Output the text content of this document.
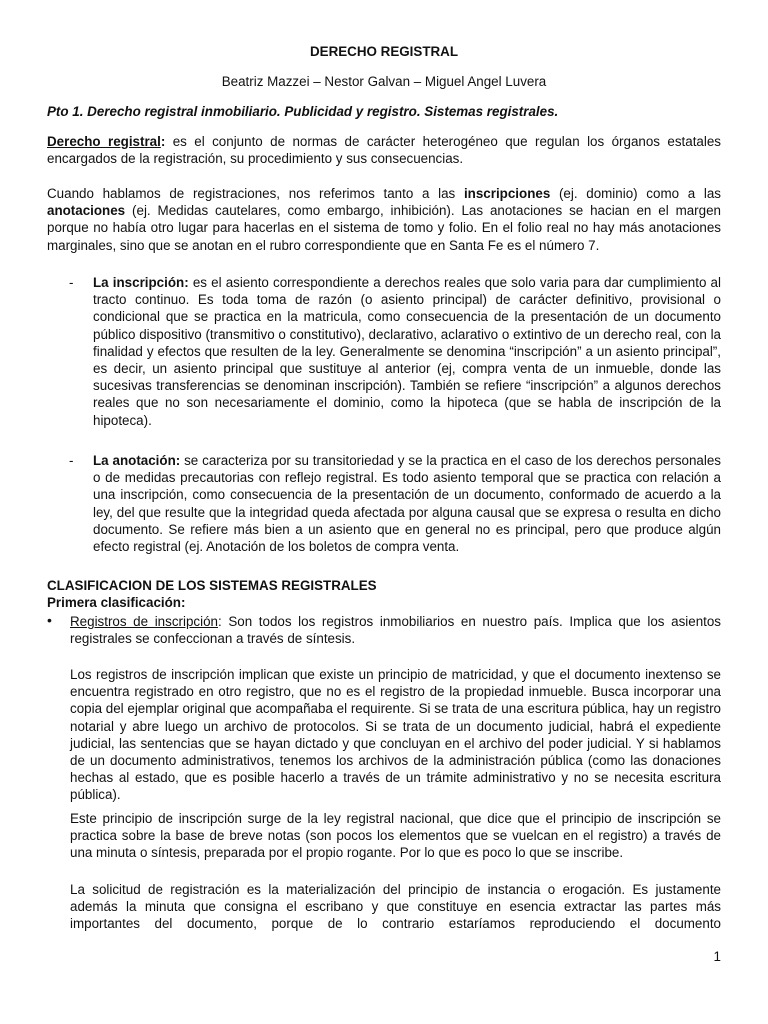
DERECHO REGISTRAL
Beatriz Mazzei – Nestor Galvan – Miguel Angel Luvera
Pto 1. Derecho registral inmobiliario. Publicidad y registro. Sistemas registrales.

Derecho registral: es el conjunto de normas de carácter heterogéneo que regulan los órganos estatales encargados de la registración, su procedimiento y sus consecuencias.

Cuando hablamos de registraciones, nos referimos tanto a las inscripciones (ej. dominio) como a las anotaciones (ej. Medidas cautelares, como embargo, inhibición). Las anotaciones se hacian en el margen porque no había otro lugar para hacerlas en el sistema de tomo y folio. En el folio real no hay más anotaciones marginales, sino que se anotan en el rubro correspondiente que en Santa Fe es el número 7.

-	La inscripción: es el asiento correspondiente a derechos reales que solo varia para dar cumplimiento al tracto continuo. Es toda toma de razón (o asiento principal) de carácter definitivo, provisional o condicional que se practica en la matricula, como consecuencia de la presentación de un documento público dispositivo (transmitivo o constitutivo), declarativo, aclarativo o extintivo de un derecho real, con la finalidad y efectos que resulten de la ley. Generalmente se denomina “inscripción” a un asiento principal”, es decir, un asiento principal que sustituye al anterior (ej, compra venta de un inmueble, donde las sucesivas transferencias se denominan inscripción). También se refiere “inscripción” a algunos derechos reales que no son necesariamente el dominio, como la hipoteca (que se habla de inscripción de la hipoteca).

-	La anotación: se caracteriza por su transitoriedad y se la practica en el caso de los derechos personales o de medidas precautorias con reflejo registral. Es todo asiento temporal que se practica con relación a una inscripción, como consecuencia de la presentación de un documento, conformado de acuerdo a la ley, del que resulte que la integridad queda afectada por alguna causal que se expresa o resulta en dicho documento. Se refiere más bien a un asiento que en general no es principal, pero que produce algún efecto registral (ej. Anotación de los boletos de compra venta.

CLASIFICACION DE LOS SISTEMAS REGISTRALES
Primera clasificación:
•	Registros de inscripción: Son todos los registros inmobiliarios en nuestro país. Implica que los asientos registrales se confeccionan a través de síntesis.

Los registros de inscripción implican que existe un principio de matricidad, y que el documento inextenso se encuentra registrado en otro registro, que no es el registro de la propiedad inmueble. Busca incorporar una copia del ejemplar original que acompañaba el requirente. Si se trata de una escritura pública, hay un registro notarial y abre luego un archivo de protocolos. Si se trata de un documento judicial, habrá el expediente judicial, las sentencias que se hayan dictado y que concluyan en el archivo del poder judicial. Y si hablamos de un documento administrativos, tenemos los archivos de la administración pública (como las donaciones hechas al estado, que es posible hacerlo a través de un trámite administrativo y no se necesita escritura pública).

Este principio de inscripción surge de la ley registral nacional, que dice que el principio de inscripción se practica sobre la base de breve notas (son pocos los elementos que se vuelcan en el registro) a través de una minuta o síntesis, preparada por el propio rogante. Por lo que es poco lo que se inscribe.

La solicitud de registración es la materialización del principio de instancia o erogación. Es justamente además la minuta que consigna el escribano y que constituye en esencia extractar las partes más importantes del documento, porque de lo contrario estaríamos reproduciendo el documento

1
